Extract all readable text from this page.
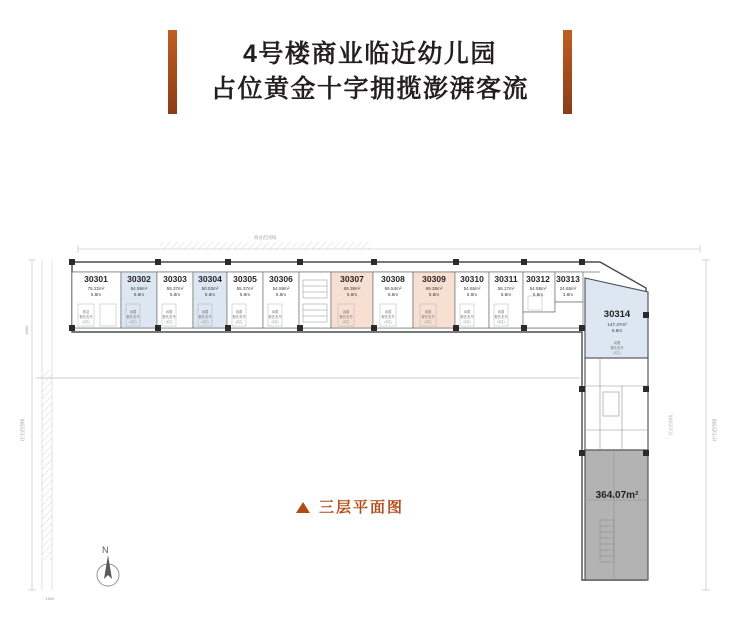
4号楼商业临近幼儿园
占位黄金十字拥揽澎湃客流
住宅范围线	住宅范围线
商业范围线
1500
8400
30301
75.22m²
5.8m
休息
餐饮类外
(4层)
30302
54.59m²
5.8m
闲置
餐饮类外
(4层)
30303
55.37m²
5.8m
闲置
餐饮类外
(4层)
30304
50.53m²
5.8m
闲置
餐饮类外
(4层)
30305
55.37m²
5.8m
闲置
餐饮类外
(4层)
30306
54.59m²
5.8m
闲置
餐饮类外
(4层)
30307
69.38m²
5.8m
闲置
餐饮类外
(4层)
30308
66.54m²
5.8m
闲置
餐饮类外
(4层)
30309
69.38m²
5.8m
闲置
餐饮类外
(4层)
30310
54.65m²
5.8m
闲置
餐饮类外
(4层)
30311
58.17m²
5.8m
闲置
餐饮类外
(4层)
30312
54.58m²
5.8m
30313
24.65m²
3.8m
30314
147.47m²
5.8m
闲置
餐饮类外
(4层)
364.07m²
住宅范围线
三层平面图
N
